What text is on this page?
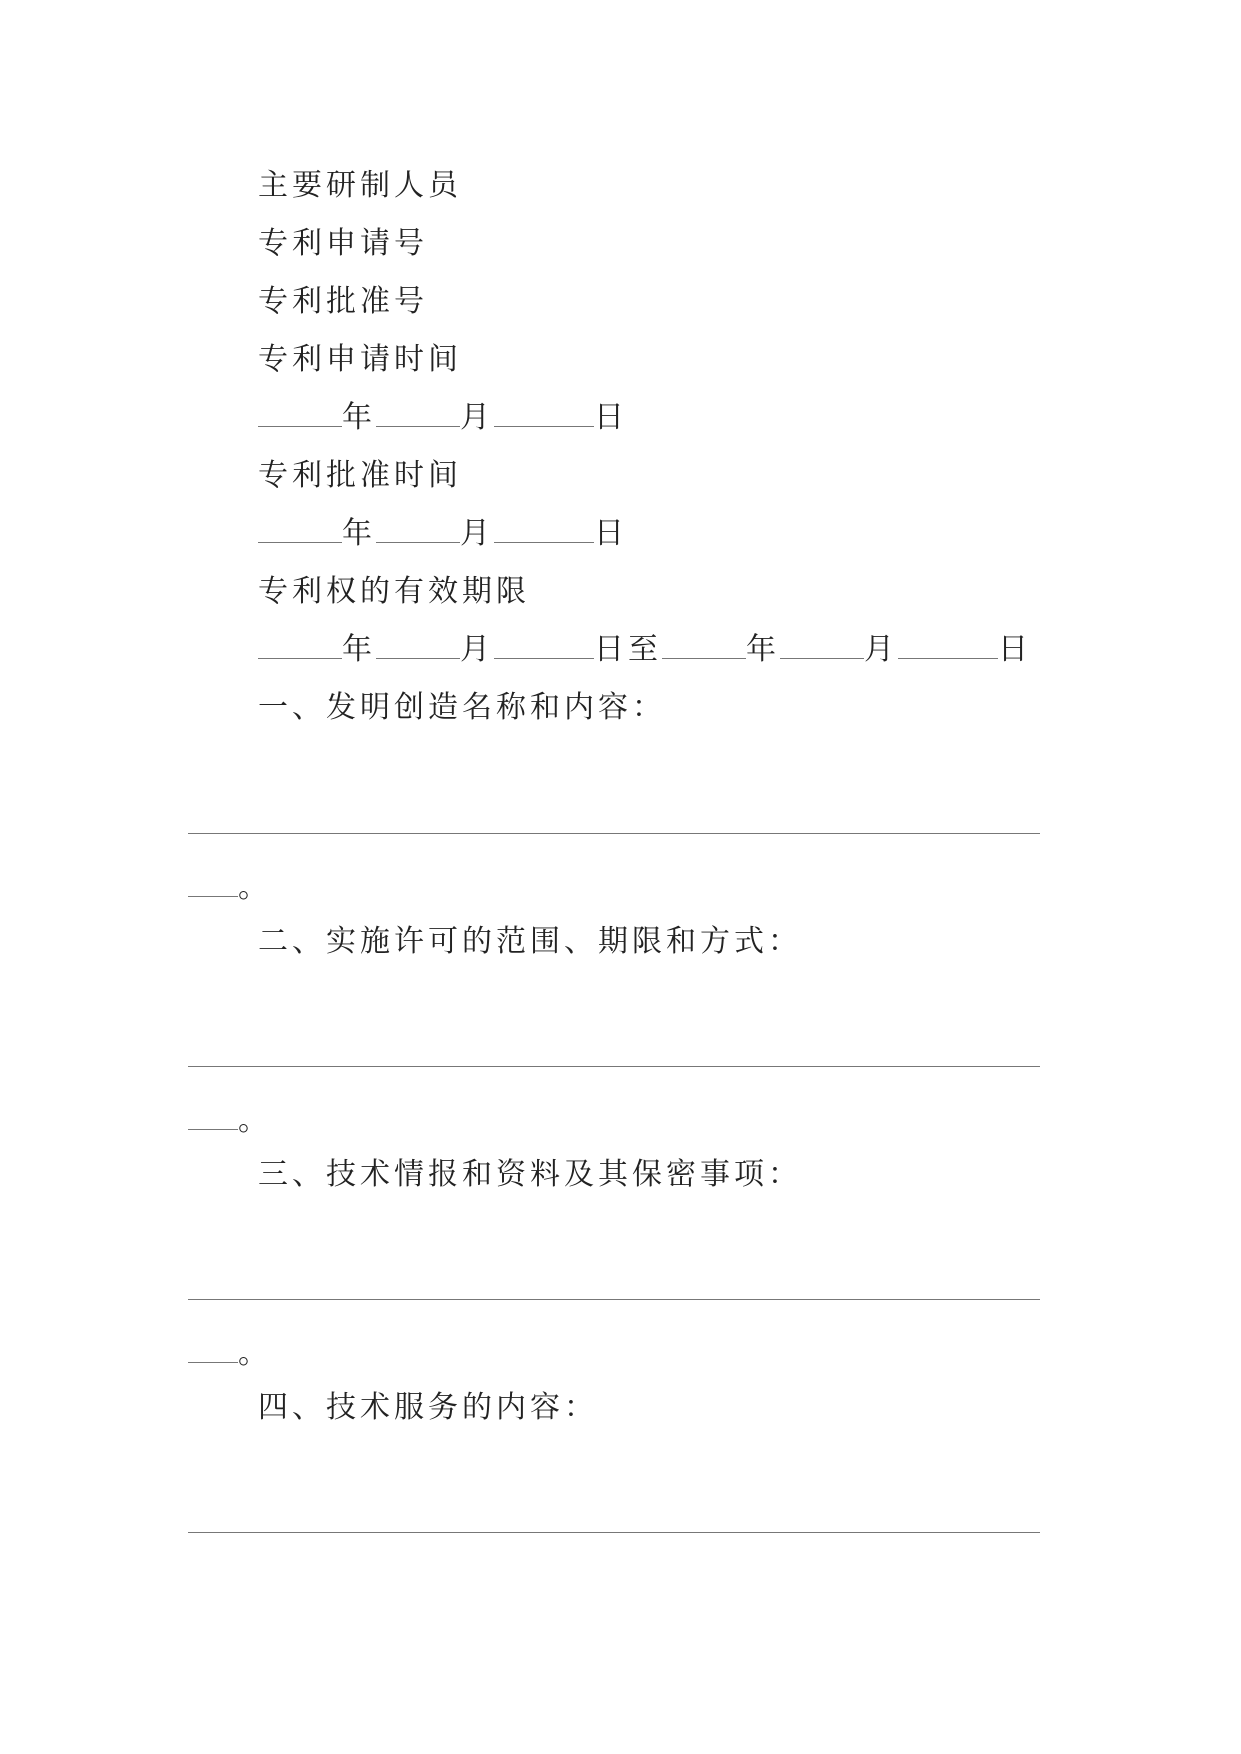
主要研制人员
专利申请号
专利批准号
专利申请时间
年	月	日
专利批准时间
年	月	日
专利权的有效期限
年	月	日至	年	月	日
一、发明创造名称和内容：
。
二、实施许可的范围、期限和方式：
。
三、技术情报和资料及其保密事项：
。
四、技术服务的内容：
